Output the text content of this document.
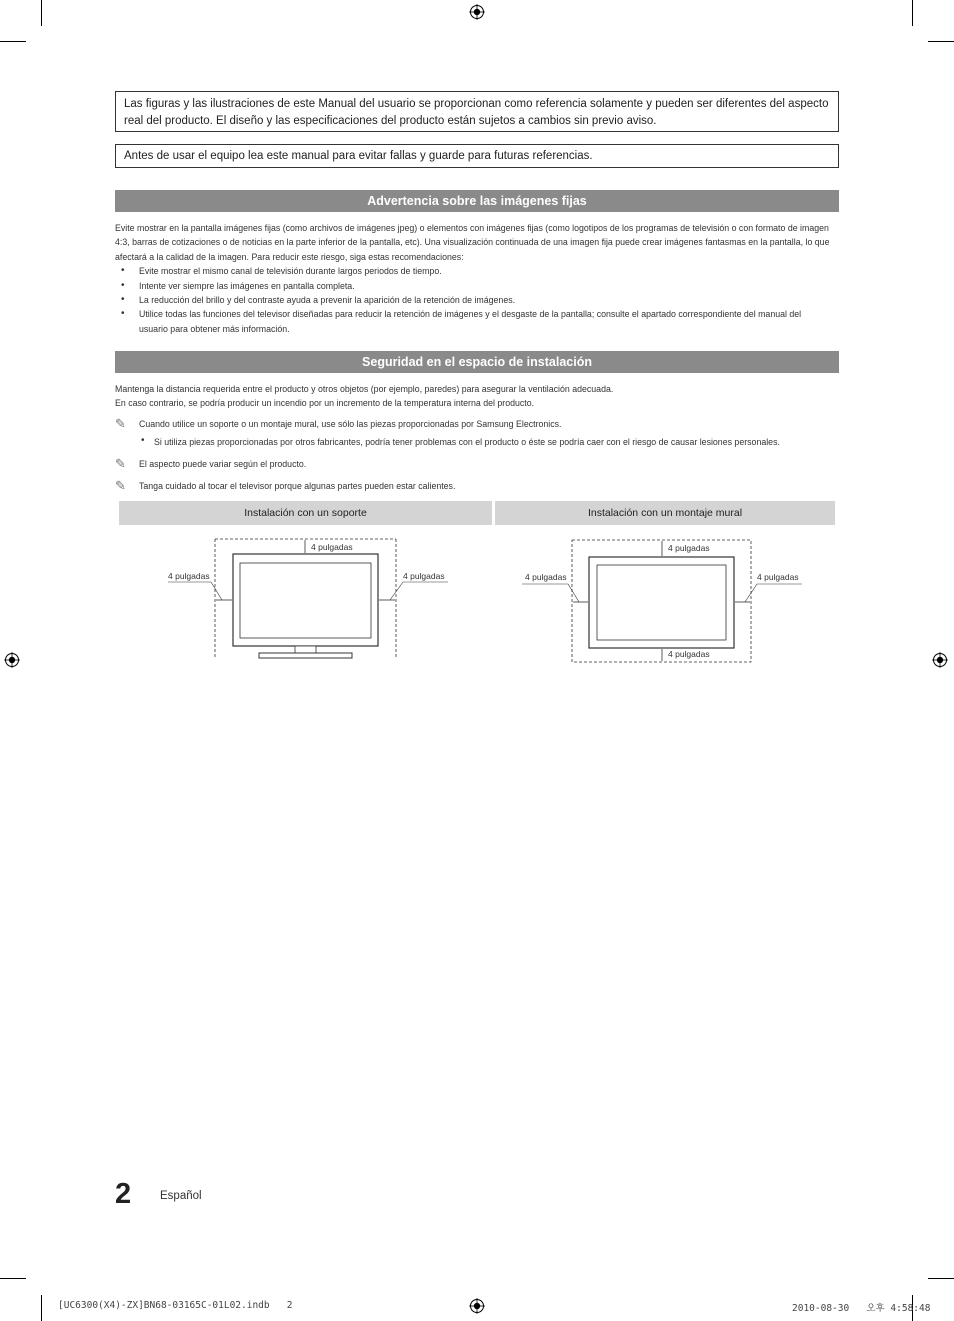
Las figuras y las ilustraciones de este Manual del usuario se proporcionan como referencia solamente y pueden ser diferentes del aspecto real del producto. El diseño y las especificaciones del producto están sujetos a cambios sin previo aviso.
Antes de usar el equipo lea este manual para evitar fallas y guarde para futuras referencias.
Advertencia sobre las imágenes fijas
Evite mostrar en la pantalla imágenes fijas (como archivos de imágenes jpeg) o elementos con imágenes fijas (como logotipos de los programas de televisión o con formato de imagen 4:3, barras de cotizaciones o de noticias en la parte inferior de la pantalla, etc). Una visualización continuada de una imagen fija puede crear imágenes fantasmas en la pantalla, lo que afectará a la calidad de la imagen. Para reducir este riesgo, siga estas recomendaciones:
• Evite mostrar el mismo canal de televisión durante largos periodos de tiempo.
• Intente ver siempre las imágenes en pantalla completa.
• La reducción del brillo y del contraste ayuda a prevenir la aparición de la retención de imágenes.
• Utilice todas las funciones del televisor diseñadas para reducir la retención de imágenes y el desgaste de la pantalla; consulte el apartado correspondiente del manual del usuario para obtener más información.
Seguridad en el espacio de instalación
Mantenga la distancia requerida entre el producto y otros objetos (por ejemplo, paredes) para asegurar la ventilación adecuada.
En caso contrario, se podría producir un incendio por un incremento de la temperatura interna del producto.
✎	Cuando utilice un soporte o un montaje mural, use sólo las piezas proporcionadas por Samsung Electronics.
•	Si utiliza piezas proporcionadas por otros fabricantes, podría tener problemas con el producto o éste se podría caer con el riesgo de causar lesiones personales.
✎	El aspecto puede variar según el producto.
✎	Tanga cuidado al tocar el televisor porque algunas partes pueden estar calientes.
Instalación con un soporte	Instalación con un montaje mural
4 pulgadas
4 pulgadas	4 pulgadas
4 pulgadas
4 pulgadas
4 pulgadas	4 pulgadas
2	Español
[UC6300(X4)-ZX]BN68-03165C-01L02.indb   2	2010-08-30   오후 4:58:48
